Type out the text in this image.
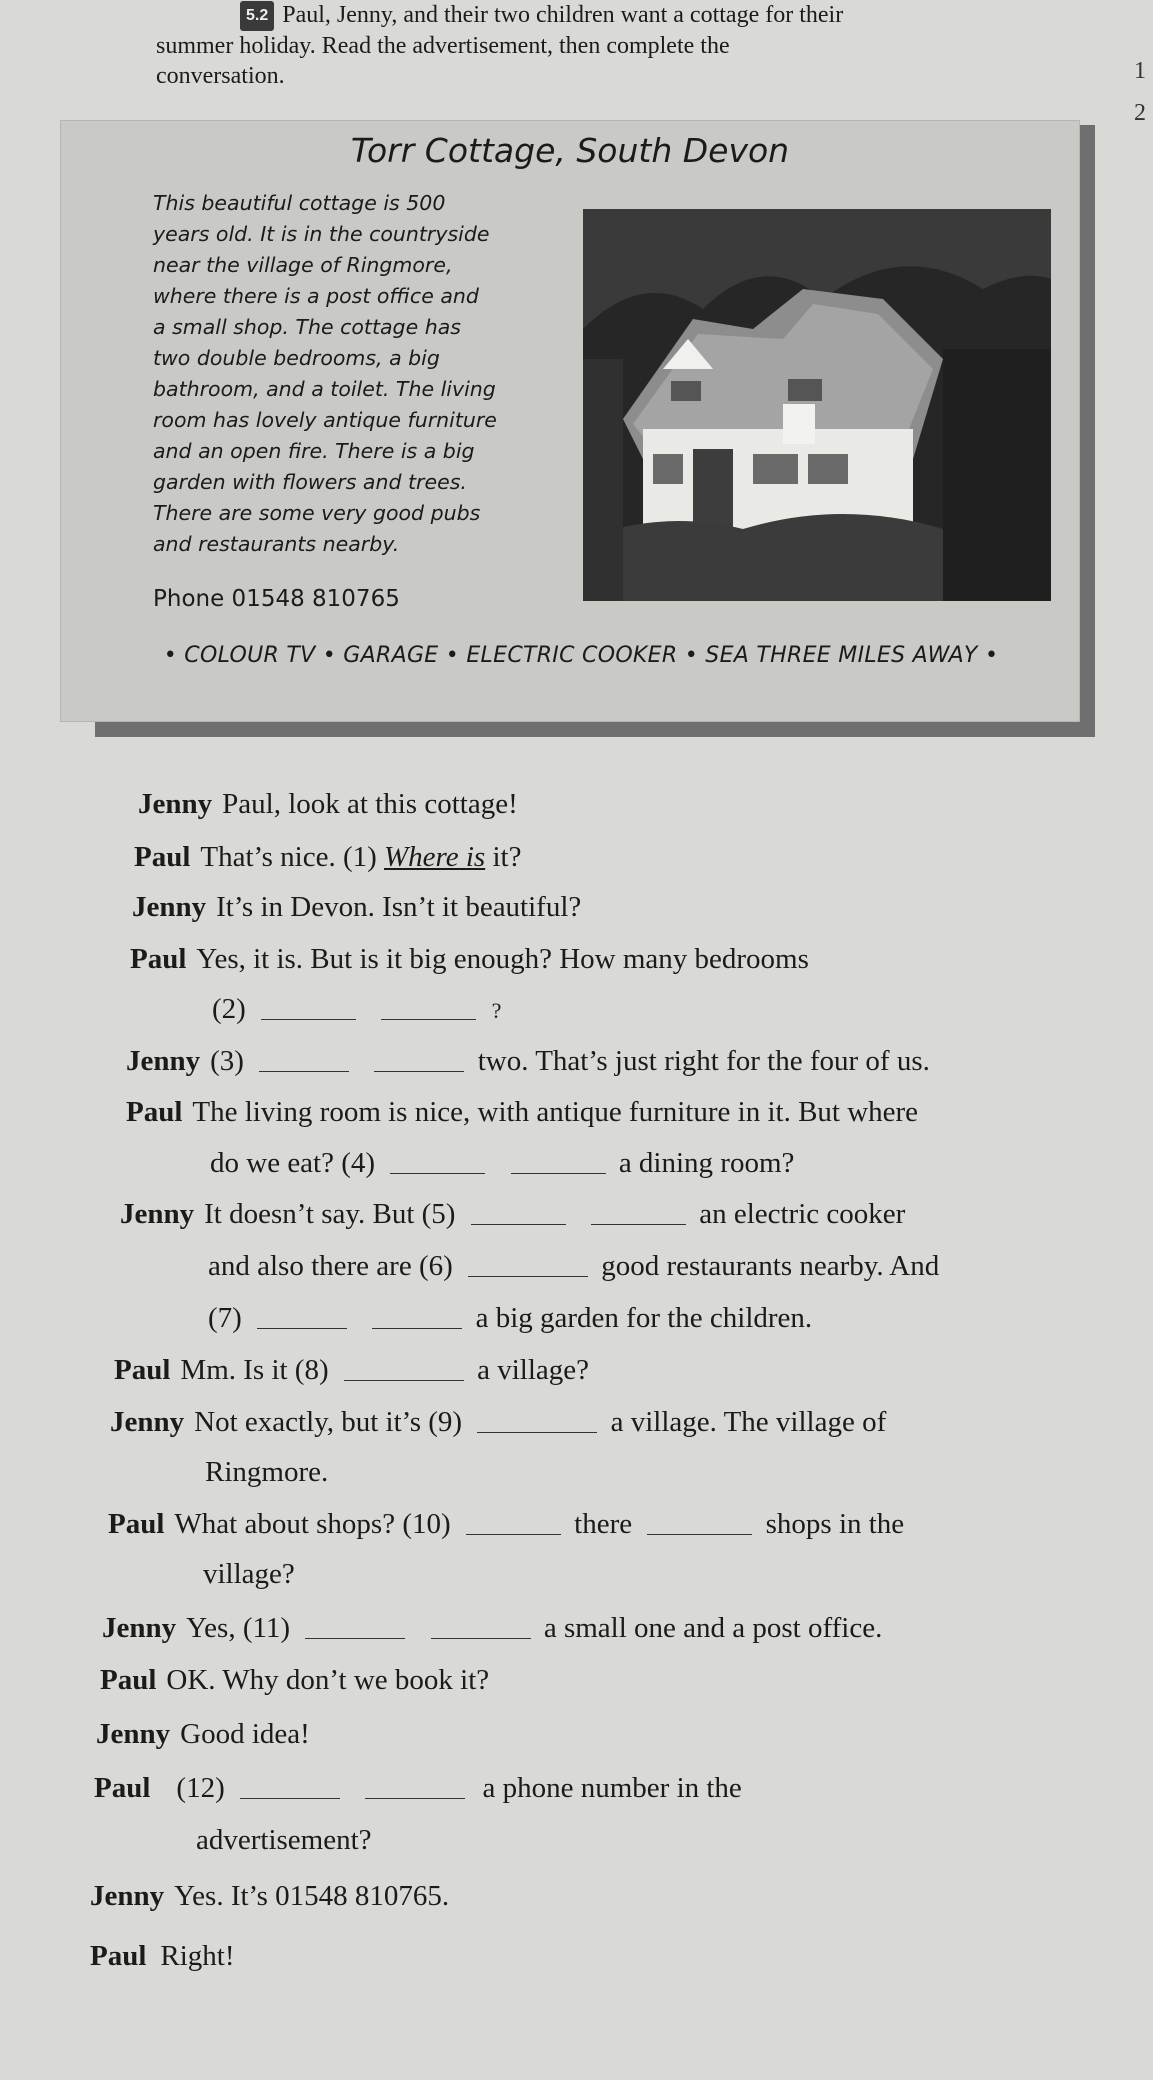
5.2 Paul, Jenny, and their two children want a cottage for their
summer holiday. Read the advertisement, then complete the
conversation.	1
2
Torr Cottage, South Devon
This beautiful cottage is 500
years old. It is in the countryside
near the village of Ringmore,
where there is a post office and
a small shop. The cottage has
two double bedrooms, a big
bathroom, and a toilet. The living
room has lovely antique furniture
and an open fire. There is a big
garden with flowers and trees.
There are some very good pubs
and restaurants nearby.
Phone 01548 810765
• COLOUR TV • GARAGE • ELECTRIC COOKER • SEA THREE MILES AWAY •
Jenny Paul, look at this cottage!
Paul That’s nice. (1) Where is it?
Jenny It’s in Devon. Isn’t it beautiful?
Paul Yes, it is. But is it big enough? How many bedrooms
(2)	?
Jenny (3)	two. That’s just right for the four of us.
Paul The living room is nice, with antique furniture in it. But where
do we eat? (4)	a dining room?
Jenny It doesn’t say. But (5)	an electric cooker
and also there are (6)	good restaurants nearby. And
(7)	a big garden for the children.
Paul Mm. Is it (8)	a village?
Jenny Not exactly, but it’s (9)	a village. The village of
Ringmore.
Paul What about shops? (10)	there	shops in the
village?
Jenny Yes, (11)	a small one and a post office.
Paul OK. Why don’t we book it?
Jenny Good idea!
Paul (12)	a phone number in the
advertisement?
Jenny Yes. It’s 01548 810765.
Paul Right!
